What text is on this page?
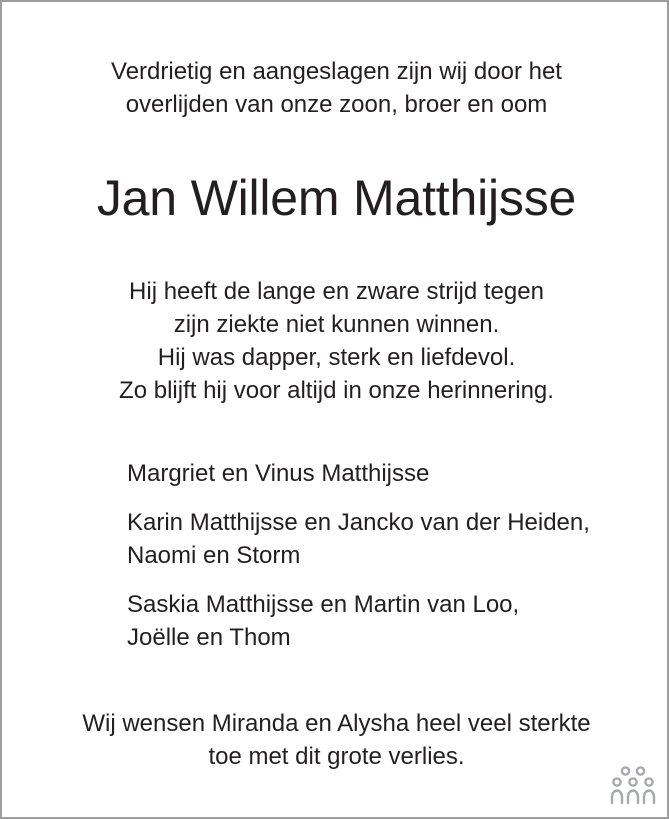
Verdrietig en aangeslagen zijn wij door het
overlijden van onze zoon, broer en oom
Jan Willem Matthijsse
Hij heeft de lange en zware strijd tegen
zijn ziekte niet kunnen winnen.
Hij was dapper, sterk en liefdevol.
Zo blijft hij voor altijd in onze herinnering.
Margriet en Vinus Matthijsse
Karin Matthijsse en Jancko van der Heiden,
Naomi en Storm
Saskia Matthijsse en Martin van Loo,
Joëlle en Thom
Wij wensen Miranda en Alysha heel veel sterkte
toe met dit grote verlies.
